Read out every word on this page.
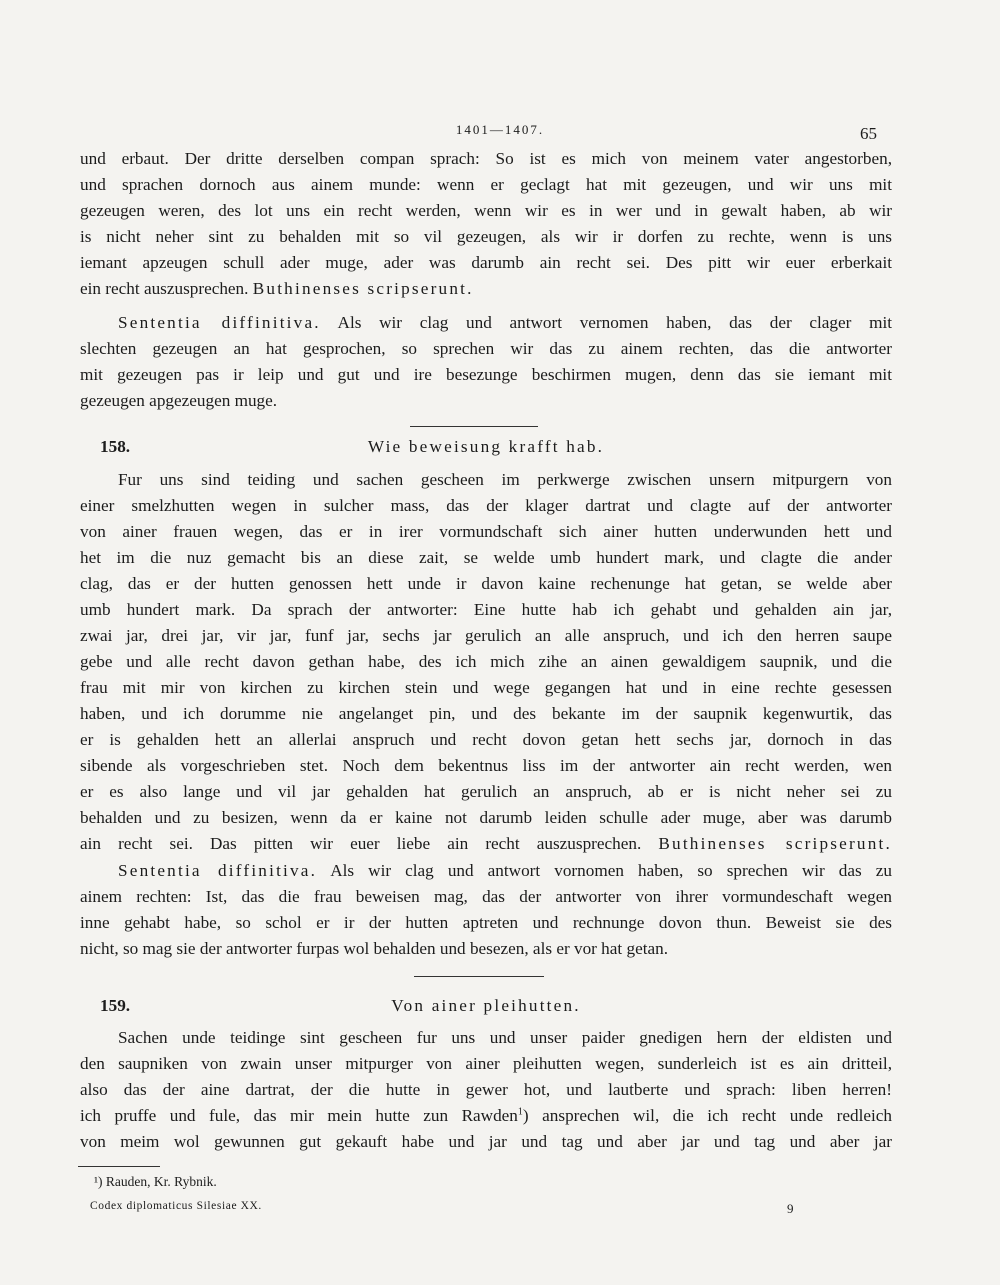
1401—1407.	65
und erbaut. Der dritte derselben compan sprach: So ist es mich von meinem vater angestorben,
und sprachen dornoch aus ainem munde: wenn er geclagt hat mit gezeugen, und wir uns mit
gezeugen weren, des lot uns ein recht werden, wenn wir es in wer und in gewalt haben, ab wir
is nicht neher sint zu behalden mit so vil gezeugen, als wir ir dorfen zu rechte, wenn is uns
iemant apzeugen schull ader muge, ader was darumb ain recht sei. Des pitt wir euer erberkait
ein recht auszusprechen. Buthinenses scripserunt.
Sententia diffinitiva. Als wir clag und antwort vernomen haben, das der clager mit
slechten gezeugen an hat gesprochen, so sprechen wir das zu ainem rechten, das die antworter
mit gezeugen pas ir leip und gut und ire besezunge beschirmen mugen, denn das sie iemant mit
gezeugen apgezeugen muge.
158.	Wie beweisung krafft hab.
Fur uns sind teiding und sachen gescheen im perkwerge zwischen unsern mitpurgern von
einer smelzhutten wegen in sulcher mass, das der klager dartrat und clagte auf der antworter
von ainer frauen wegen, das er in irer vormundschaft sich ainer hutten underwunden hett und
het im die nuz gemacht bis an diese zait, se welde umb hundert mark, und clagte die ander
clag, das er der hutten genossen hett unde ir davon kaine rechenunge hat getan, se welde aber
umb hundert mark. Da sprach der antworter: Eine hutte hab ich gehabt und gehalden ain jar,
zwai jar, drei jar, vir jar, funf jar, sechs jar gerulich an alle anspruch, und ich den herren saupe
gebe und alle recht davon gethan habe, des ich mich zihe an ainen gewaldigem saupnik, und die
frau mit mir von kirchen zu kirchen stein und wege gegangen hat und in eine rechte gesessen
haben, und ich dorumme nie angelanget pin, und des bekante im der saupnik kegenwurtik, das
er is gehalden hett an allerlai anspruch und recht dovon getan hett sechs jar, dornoch in das
sibende als vorgeschrieben stet. Noch dem bekentnus liss im der antworter ain recht werden, wen
er es also lange und vil jar gehalden hat gerulich an anspruch, ab er is nicht neher sei zu
behalden und zu besizen, wenn da er kaine not darumb leiden schulle ader muge, aber was darumb
ain recht sei. Das pitten wir euer liebe ain recht auszusprechen. Buthinenses scripserunt.
Sententia diffinitiva. Als wir clag und antwort vornomen haben, so sprechen wir das zu
ainem rechten: Ist, das die frau beweisen mag, das der antworter von ihrer vormundeschaft wegen
inne gehabt habe, so schol er ir der hutten aptreten und rechnunge dovon thun. Beweist sie des
nicht, so mag sie der antworter furpas wol behalden und besezen, als er vor hat getan.
159.	Von ainer pleihutten.
Sachen unde teidinge sint gescheen fur uns und unser paider gnedigen hern der eldisten und
den saupniken von zwain unser mitpurger von ainer pleihutten wegen, sunderleich ist es ain dritteil,
also das der aine dartrat, der die hutte in gewer hot, und lautberte und sprach: liben herren!
ich pruffe und fule, das mir mein hutte zun Rawden$^1$) ansprechen wil, die ich recht unde redleich
von meim wol gewunnen gut gekauft habe und jar und tag und aber jar und tag und aber jar
¹) Rauden, Kr. Rybnik.
Codex diplomaticus Silesiae XX.	9
